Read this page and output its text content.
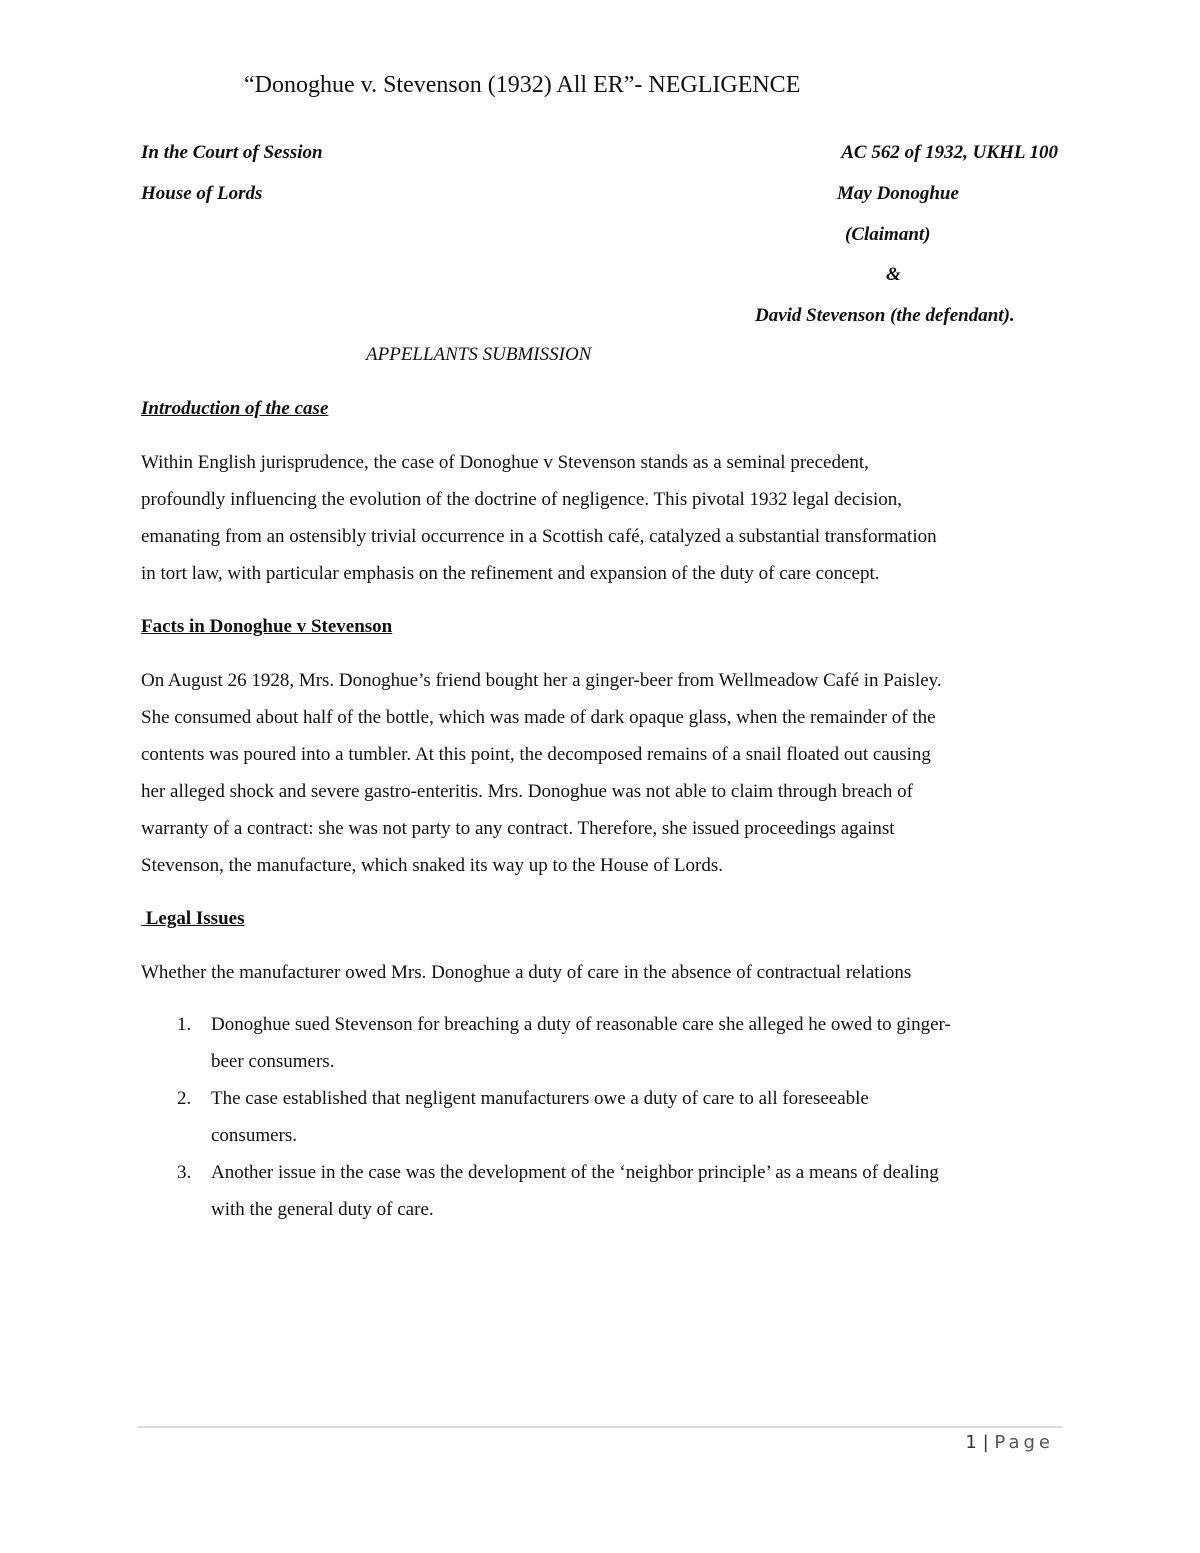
“Donoghue v. Stevenson (1932) All ER”- NEGLIGENCE
In the Court of Session	AC 562 of 1932, UKHL 100
House of Lords	May Donoghue
(Claimant)
&
David Stevenson (the defendant).
APPELLANTS SUBMISSION
Introduction of the case

Within English jurisprudence, the case of Donoghue v Stevenson stands as a seminal precedent,
profoundly influencing the evolution of the doctrine of negligence. This pivotal 1932 legal decision,
emanating from an ostensibly trivial occurrence in a Scottish café, catalyzed a substantial transformation
in tort law, with particular emphasis on the refinement and expansion of the duty of care concept.

Facts in Donoghue v Stevenson

On August 26 1928, Mrs. Donoghue’s friend bought her a ginger-beer from Wellmeadow Café in Paisley.
She consumed about half of the bottle, which was made of dark opaque glass, when the remainder of the
contents was poured into a tumbler. At this point, the decomposed remains of a snail floated out causing
her alleged shock and severe gastro-enteritis. Mrs. Donoghue was not able to claim through breach of
warranty of a contract: she was not party to any contract. Therefore, she issued proceedings against
Stevenson, the manufacture, which snaked its way up to the House of Lords.

Legal Issues

Whether the manufacturer owed Mrs. Donoghue a duty of care in the absence of contractual relations

1. Donoghue sued Stevenson for breaching a duty of reasonable care she alleged he owed to ginger-
beer consumers.
2. The case established that negligent manufacturers owe a duty of care to all foreseeable
consumers.
3. Another issue in the case was the development of the ‘neighbor principle’ as a means of dealing
with the general duty of care.
1 | Page
